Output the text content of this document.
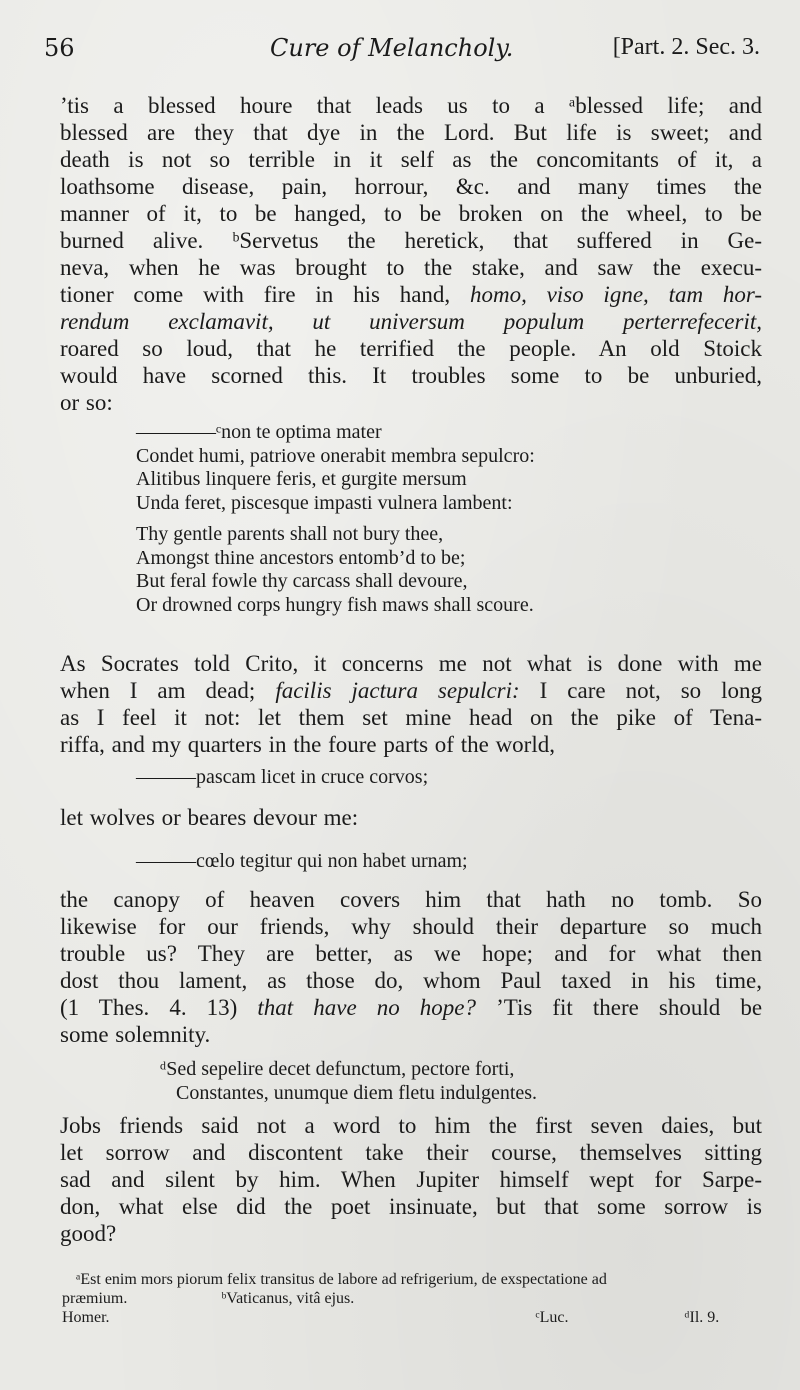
56	Cure of Melancholy.	[Part. 2. Sec. 3.
’tis a blessed houre that leads us to a ᵃblessed life; and
blessed are they that dye in the Lord. But life is sweet; and
death is not so terrible in it self as the concomitants of it, a
loathsome disease, pain, horrour, &c. and many times the
manner of it, to be hanged, to be broken on the wheel, to be
burned alive. ᵇServetus the heretick, that suffered in Ge-
neva, when he was brought to the stake, and saw the execu-
tioner come with fire in his hand, homo, viso igne, tam hor-
rendum exclamavit, ut universum populum perterrefecerit,
roared so loud, that he terrified the people. An old Stoick
would have scorned this. It troubles some to be unburied,
or so:
————ᶜnon te optima mater
Condet humi, patriove onerabit membra sepulcro:
Alitibus linquere feris, et gurgite mersum
Unda feret, piscesque impasti vulnera lambent:
Thy gentle parents shall not bury thee,
Amongst thine ancestors entomb’d to be;
But feral fowle thy carcass shall devoure,
Or drowned corps hungry fish maws shall scoure.
As Socrates told Crito, it concerns me not what is done with me
when I am dead; facilis jactura sepulcri: I care not, so long
as I feel it not: let them set mine head on the pike of Tena-
riffa, and my quarters in the foure parts of the world,
———pascam licet in cruce corvos;
let wolves or beares devour me:
———cœlo tegitur qui non habet urnam;
the canopy of heaven covers him that hath no tomb. So
likewise for our friends, why should their departure so much
trouble us? They are better, as we hope; and for what then
dost thou lament, as those do, whom Paul taxed in his time,
(1 Thes. 4. 13) that have no hope? ’Tis fit there should be
some solemnity.
ᵈSed sepelire decet defunctum, pectore forti,
Constantes, unumque diem fletu indulgentes.
Jobs friends said not a word to him the first seven daies, but
let sorrow and discontent take their course, themselves sitting
sad and silent by him. When Jupiter himself wept for Sarpe-
don, what else did the poet insinuate, but that some sorrow is
good?
ᵃEst enim mors piorum felix transitus de labore ad refrigerium, de exspectatione ad
præmium.	ᵇVaticanus, vitâ ejus.
Homer.	ᶜLuc.	ᵈIl. 9.
